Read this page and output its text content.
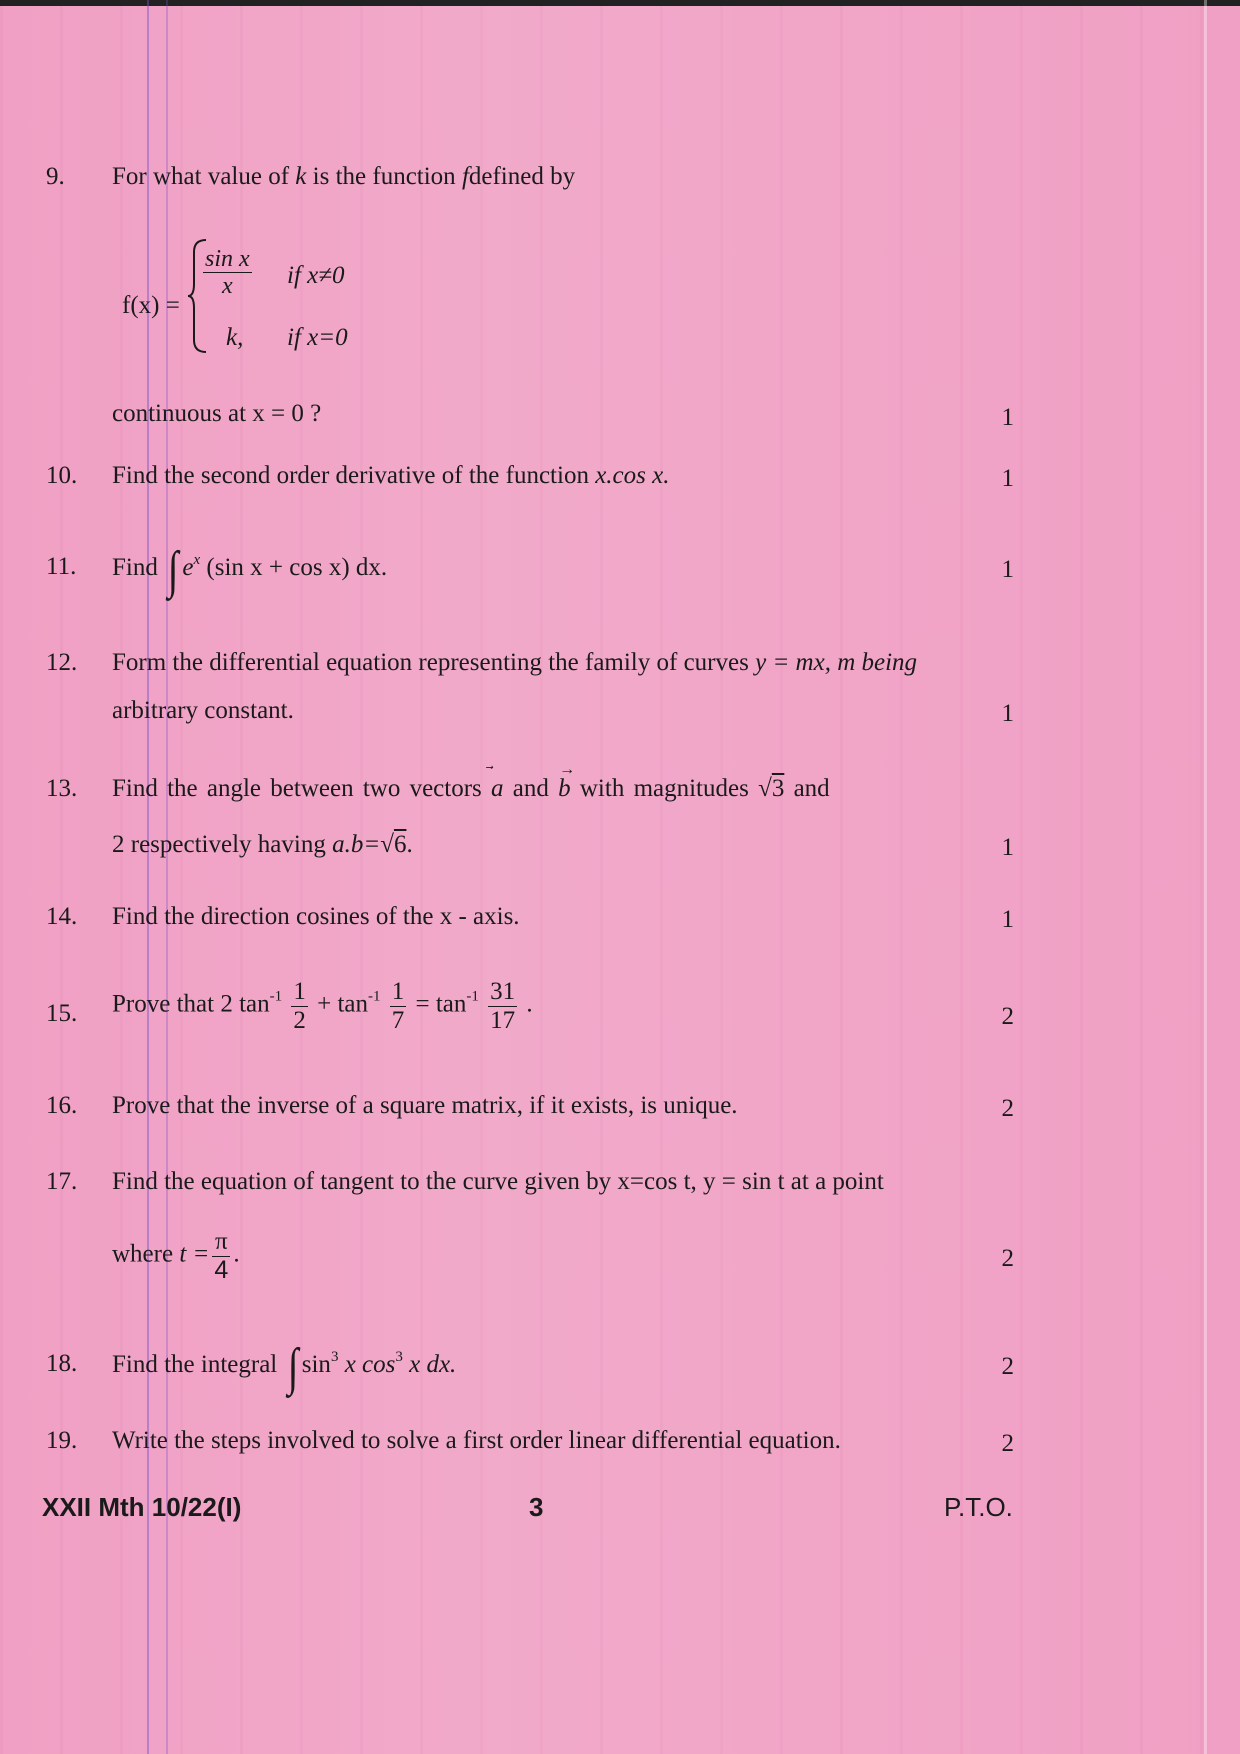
9. For what value of k is the function fdefined by
f(x) =
$\frac{\text{sin x}}{x}$ if x≠0
k, if x=0
continuous at x = 0 ?	1
10. Find the second order derivative of the function x.cos x.	1
11. Find ∫ $e^x$ (sin x + cos x) dx.	1
12. Form the differential equation representing the family of curves y = mx, m being
arbitrary constant.	1
13. Find the angle between two vectors a and
→
b with magnitudes √3 and
2 respectively having a.b=√6.	1
14. Find the direction cosines of the x - axis.	1
15. Prove that 2 $\tan^{-1} \frac{1}{2} + \tan^{-1} \frac{1}{7} = \tan^{-1} \frac{31}{17}$ .	2
16. Prove that the inverse of a square matrix, if it exists, is unique.	2
17. Find the equation of tangent to the curve given by x=cos t, y = sin t at a point
where $t = \frac{\pi}{4}$ .	2
18. Find the integral ∫ $\sin^3 x$ $\cos^3 x$ dx.	2
19. Write the steps involved to solve a first order linear differential equation.	2
XXII Mth 10/22(I)	3	P.T.O.
